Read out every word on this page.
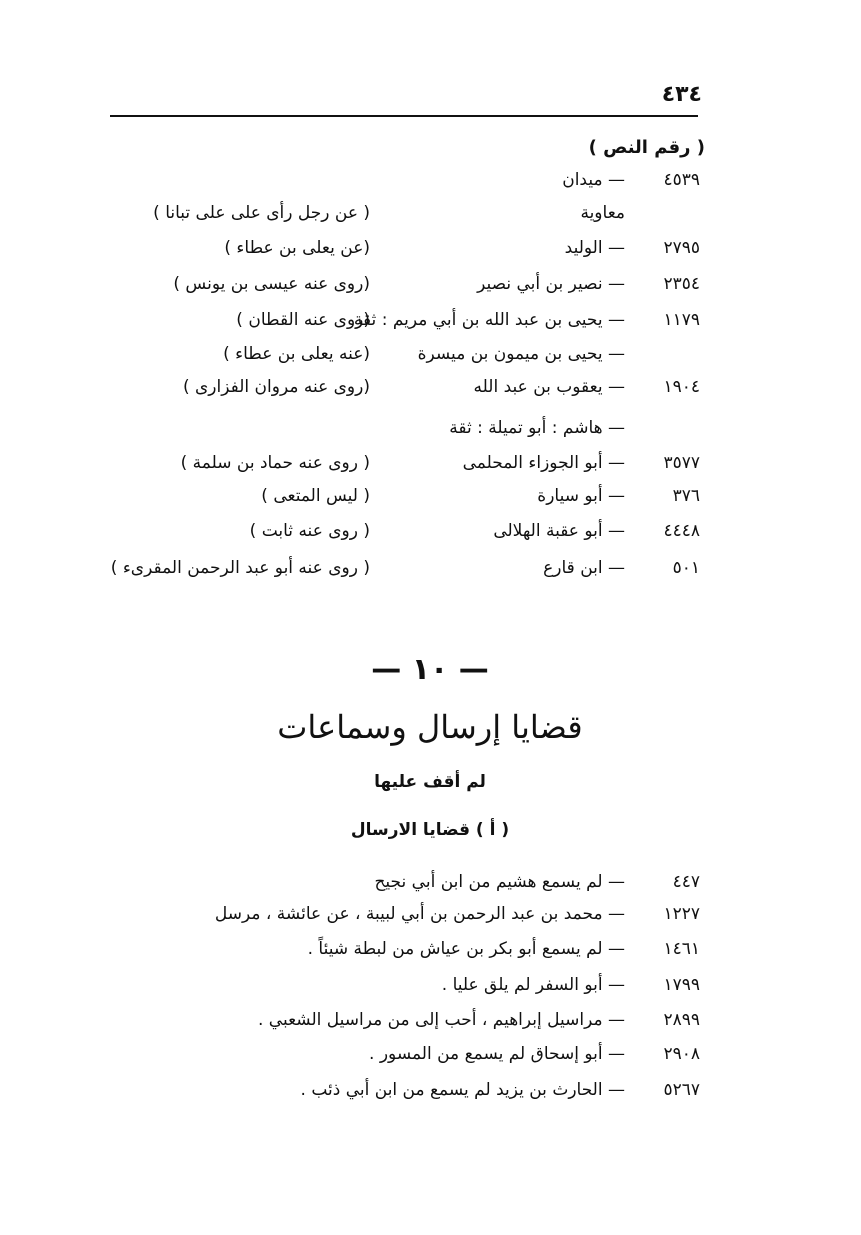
٤٣٤
( رقم النص )
٤٥٣٩
— ميدان
معاوية
( عن رجل رأى على على تبانا )
٢٧٩٥
— الوليد
(عن يعلى بن عطاء )
٢٣٥٤
— نصير بن أبي نصير
(روى عنه عيسى بن يونس )
١١٧٩
— يحيى بن عبد الله بن أبي مريم : ثقة
(روى عنه القطان )
— يحيى بن ميمون بن ميسرة
(عنه يعلى بن عطاء )
١٩٠٤
— يعقوب بن عبد الله
(روى عنه مروان الفزارى )
— هاشم : أبو تميلة : ثقة
٣٥٧٧
— أبو الجوزاء المحلمى
( روى عنه حماد بن سلمة )
٣٧٦
— أبو سيارة
( ليس المتعى )
٤٤٤٨
— أبو عقبة الهلالى
( روى عنه ثابت )
٥٠١
— ابن قارع
( روى عنه أبو عبد الرحمن المقرىء )
— ١٠ —
قضايا إرسال وسماعات
لم أقف عليها
( أ ) قضايا الارسال
٤٤٧
— لم يسمع هشيم من ابن أبي نجيح
١٢٢٧
— محمد بن عبد الرحمن بن أبي لبيبة ، عن عائشة ، مرسل
١٤٦١
— لم يسمع أبو بكر بن عياش من لبطة شيئاً .
١٧٩٩
— أبو السفر لم يلق عليا .
٢٨٩٩
— مراسيل إبراهيم ، أحب إلى من مراسيل الشعبي .
٢٩٠٨
— أبو إسحاق لم يسمع من المسور .
٥٢٦٧
— الحارث بن يزيد لم يسمع من ابن أبي ذئب .
